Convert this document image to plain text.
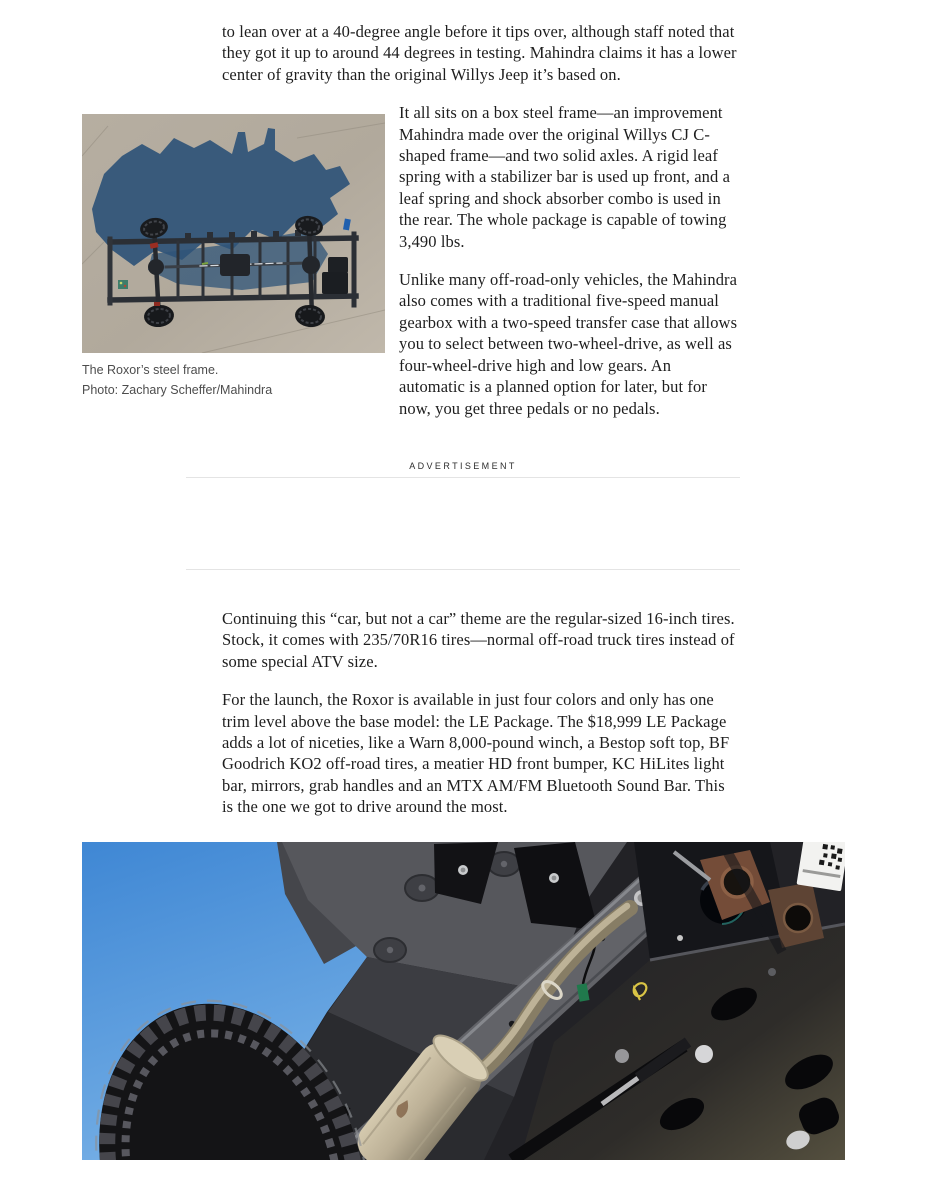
to lean over at a 40-degree angle before it tips over, although staff noted that they got it up to around 44 degrees in testing. Mahindra claims it has a lower center of gravity than the original Willys Jeep it’s based on.

The Roxor’s steel frame.
Photo: Zachary Scheffer/Mahindra

It all sits on a box steel frame—an improvement Mahindra made over the original Willys CJ C-shaped frame—and two solid axles. A rigid leaf spring with a stabilizer bar is used up front, and a leaf spring and shock absorber combo is used in the rear. The whole package is capable of towing 3,490 lbs.

Unlike many off-road-only vehicles, the Mahindra also comes with a traditional five-speed manual gearbox with a two-speed transfer case that allows you to select between two-wheel-drive, as well as four-wheel-drive high and low gears. An automatic is a planned option for later, but for now, you get three pedals or no pedals.

ADVERTISEMENT

Continuing this “car, but not a car” theme are the regular-sized 16-inch tires. Stock, it comes with 235/70R16 tires—normal off-road truck tires instead of some special ATV size.

For the launch, the Roxor is available in just four colors and only has one trim level above the base model: the LE Package. The $18,999 LE Package adds a lot of niceties, like a Warn 8,000-pound winch, a Bestop soft top, BF Goodrich KO2 off-road tires, a meatier HD front bumper, KC HiLites light bar, mirrors, grab handles and an MTX AM/FM Bluetooth Sound Bar. This is the one we got to drive around the most.
